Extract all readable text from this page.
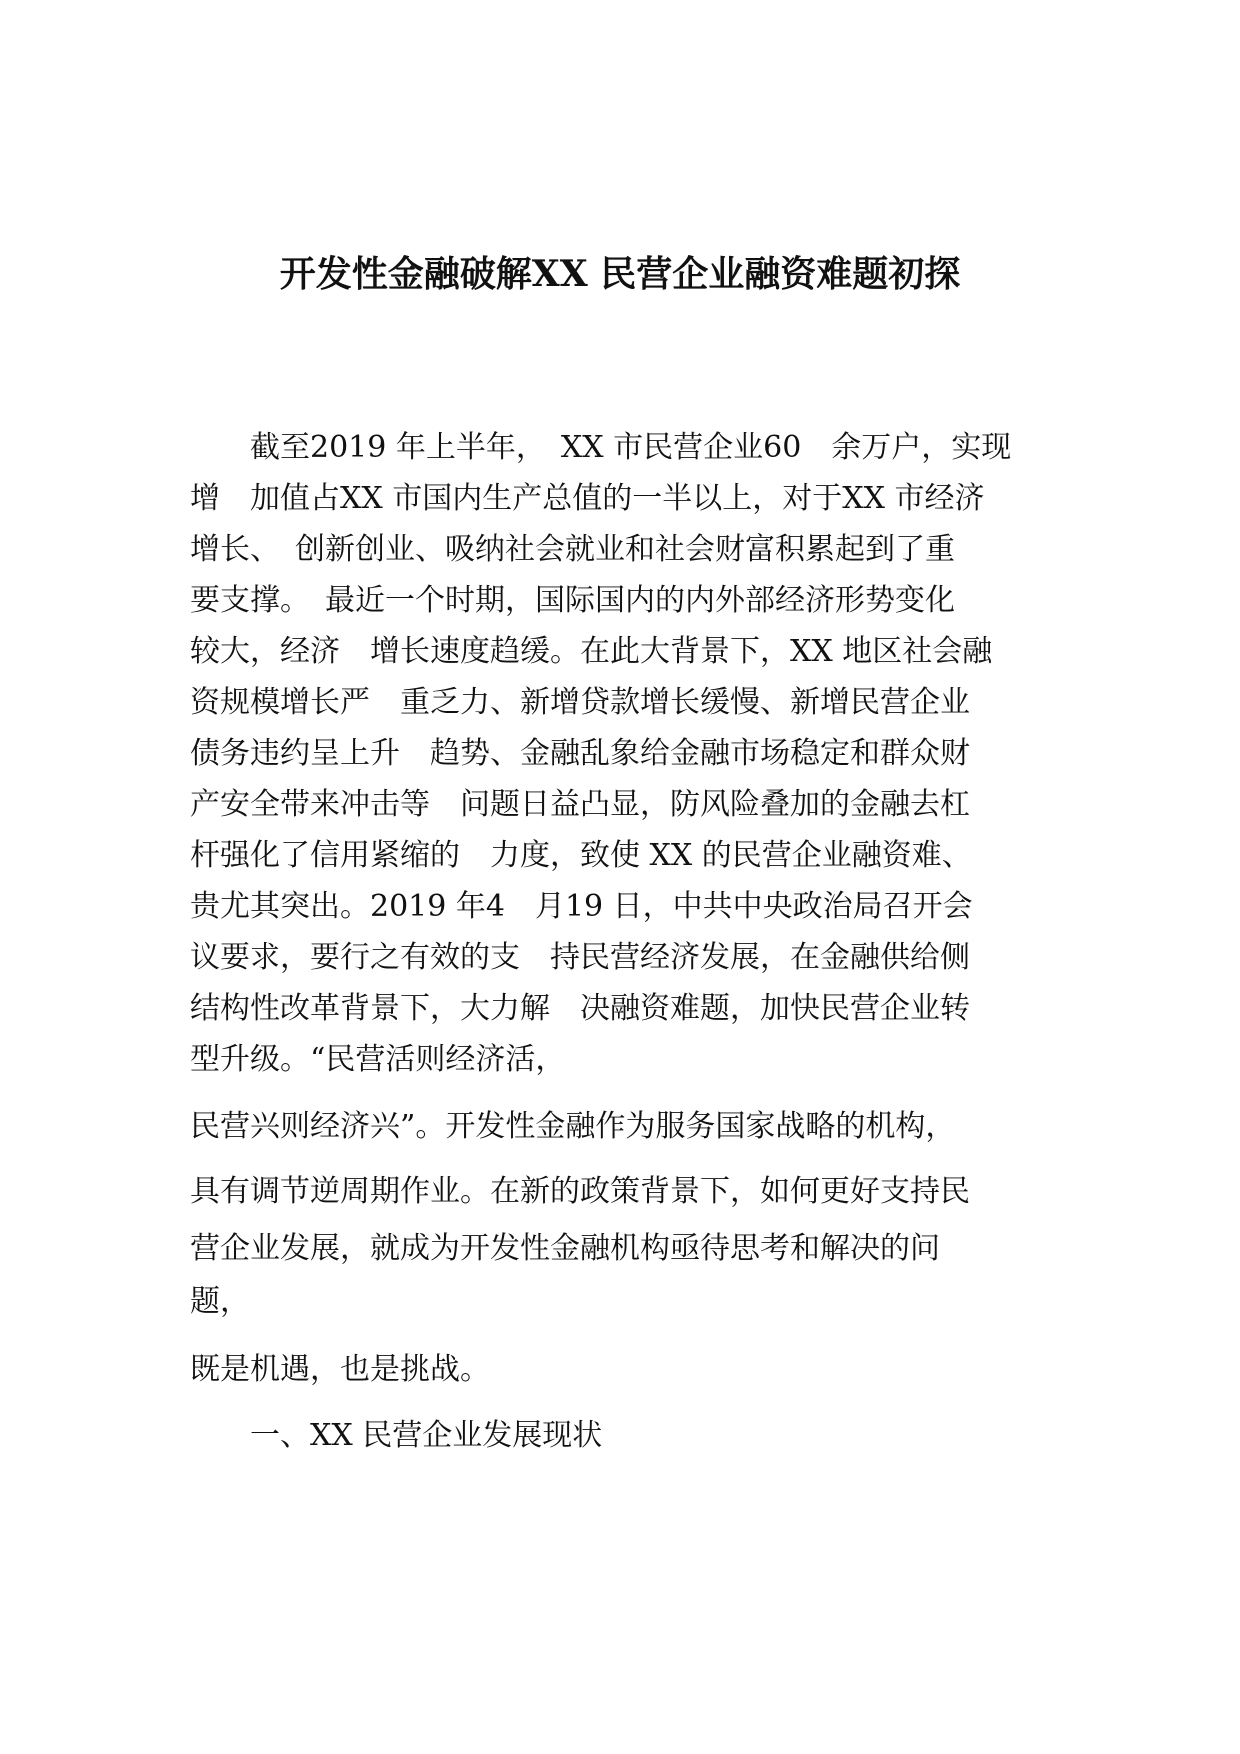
开发性金融破解XX 民营企业融资难题初探
　　截至2019 年上半年，　XX 市民营企业60　余万户，实现
增　加值占XX 市国内生产总值的一半以上，对于XX 市经济
增长、　创新创业、吸纳社会就业和社会财富积累起到了重
要支撑。　最近一个时期，国际国内的内外部经济形势变化
较大，经济　增长速度趋缓。在此大背景下，XX 地区社会融
资规模增长严　重乏力、新增贷款增长缓慢、新增民营企业
债务违约呈上升　趋势、金融乱象给金融市场稳定和群众财
产安全带来冲击等　问题日益凸显，防风险叠加的金融去杠
杆强化了信用紧缩的　力度，致使 XX 的民营企业融资难、
贵尤其突出。2019 年4　月19 日，中共中央政治局召开会
议要求，要行之有效的支　持民营经济发展，在金融供给侧
结构性改革背景下，大力解　决融资难题，加快民营企业转
型升级。“民营活则经济活，
民营兴则经济兴”。开发性金融作为服务国家战略的机构，
具有调节逆周期作业。在新的政策背景下，如何更好支持民
营企业发展，就成为开发性金融机构亟待思考和解决的问
题，
既是机遇，也是挑战。
　　一、XX 民营企业发展现状
